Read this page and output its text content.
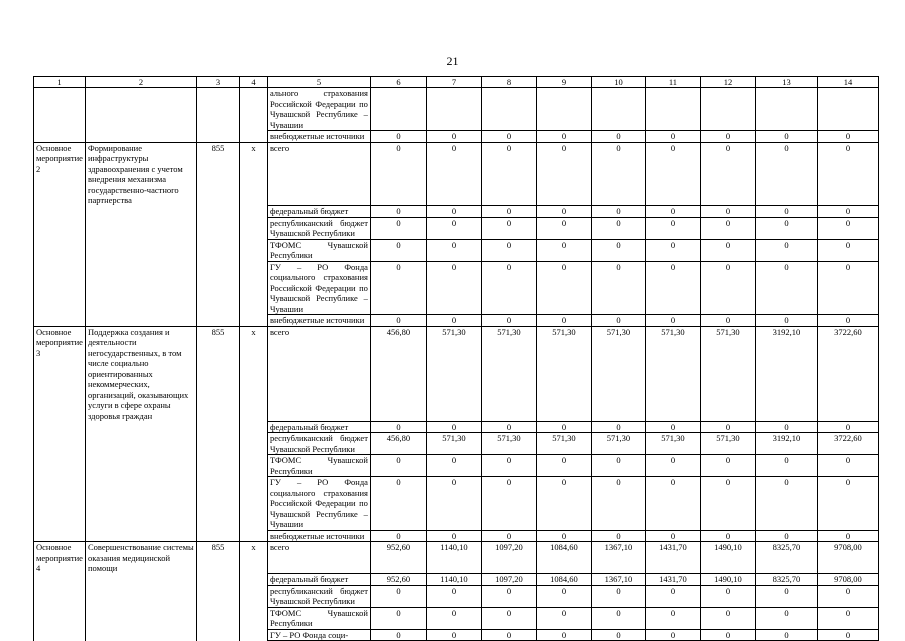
21
1	2	3	4	5	6	7	8	9	10	11	12	13	14
				ального страхования Российской Федерации по Чувашской Республике – Чувашии									
				внебюджетные источники	0	0	0	0	0	0	0	0	0
Основное мероприятие 2	Формирование инфраструктуры здравоохранения с учетом внедрения механизма государственно-частного партнерства	855	x	всего	0	0	0	0	0	0	0	0	0
				федеральный бюджет	0	0	0	0	0	0	0	0	0
				республиканский бюджет Чувашской Республики	0	0	0	0	0	0	0	0	0
				ТФОМС Чувашской Республики	0	0	0	0	0	0	0	0	0
				ГУ – РО Фонда социального страхования Российской Федерации по Чувашской Республике – Чувашии	0	0	0	0	0	0	0	0	0
				внебюджетные источники	0	0	0	0	0	0	0	0	0
Основное мероприятие 3	Поддержка создания и деятельности негосударственных, в том числе социально ориентированных некоммерческих, организаций, оказывающих услуги в сфере охраны здоровья граждан	855	x	всего	456,80	571,30	571,30	571,30	571,30	571,30	571,30	3192,10	3722,60
				федеральный бюджет	0	0	0	0	0	0	0	0	0
				республиканский бюджет Чувашской Республики	456,80	571,30	571,30	571,30	571,30	571,30	571,30	3192,10	3722,60
				ТФОМС Чувашской Республики	0	0	0	0	0	0	0	0	0
				ГУ – РО Фонда социального страхования Российской Федерации по Чувашской Республике – Чувашии	0	0	0	0	0	0	0	0	0
				внебюджетные источники	0	0	0	0	0	0	0	0	0
Основное мероприятие 4	Совершенствование системы оказания медицинской помощи	855	x	всего	952,60	1140,10	1097,20	1084,60	1367,10	1431,70	1490,10	8325,70	9708,00
				федеральный бюджет	952,60	1140,10	1097,20	1084,60	1367,10	1431,70	1490,10	8325,70	9708,00
				республиканский бюджет Чувашской Республики	0	0	0	0	0	0	0	0	0
				ТФОМС Чувашской Республики	0	0	0	0	0	0	0	0	0
				ГУ – РО Фонда соци-	0	0	0	0	0	0	0	0	0
